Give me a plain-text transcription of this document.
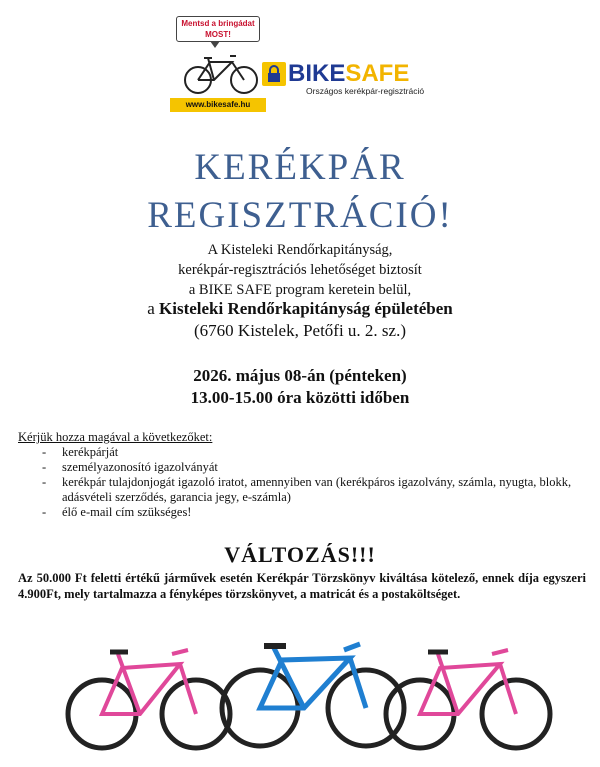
Mentsd a bringádat
MOST!
www.bikesafe.hu
BIKE SAFE
Országos kerékpár-regisztráció
KERÉKPÁR
REGISZTRÁCIÓ!
A Kisteleki Rendőrkapitányság,
kerékpár-regisztrációs lehetőséget biztosít
a BIKE SAFE program keretein belül,
a Kisteleki Rendőrkapitányság épületében
(6760 Kistelek, Petőfi u. 2. sz.)
2026. május 08-án (pénteken)
13.00-15.00 óra közötti időben
Kérjük hozza magával a következőket:
- kerékpárját
- személyazonosító igazolványát
- kerékpár tulajdonjogát igazoló iratot, amennyiben van (kerékpáros igazolvány, számla, nyugta, blokk, adásvételi szerződés, garancia jegy, e-számla)
- élő e-mail cím szükséges!
VÁLTOZÁS!!!
Az 50.000 Ft feletti értékű járművek esetén Kerékpár Törzskönyv kiváltása kötelező, ennek díja egyszeri 4.900Ft, mely tartalmazza a fényképes törzskönyvet, a matricát és a postaköltséget.
